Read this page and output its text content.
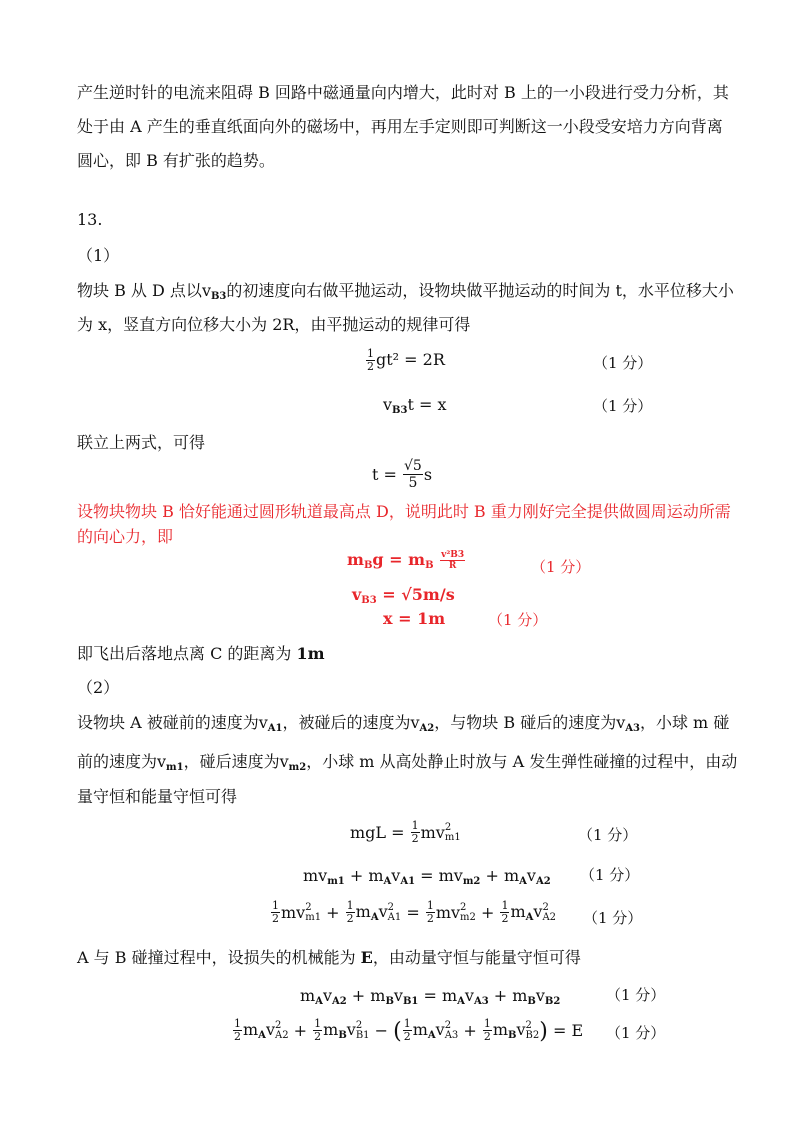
产生逆时针的电流来阻碍 B 回路中磁通量向内增大，此时对 B 上的一小段进行受力分析，其
处于由 A 产生的垂直纸面向外的磁场中，再用左手定则即可判断这一小段受安培力方向背离
圆心，即 B 有扩张的趋势。
13.
（1）
物块 B 从 D 点以$v_{B3}$的初速度向右做平抛运动，设物块做平抛运动的时间为 t，水平位移大小
为 x，竖直方向位移大小为 2R，由平抛运动的规律可得
$\frac{1}{2} gt^2 = 2R$	（1 分）
$v_{B3}t = x$	（1 分）
联立上两式，可得
$t = \frac{√5}{5}$ s
设物块物块 B 恰好能通过圆形轨道最高点 D，说明此时 B 重力刚好完全提供做圆周运动所需
的向心力，即
$m_Bg = m_B \frac{\text{v²B3}}{R}$	（1 分）
$v_{B3} = √5m/s$
x = 1m	（1 分）
即飞出后落地点离 C 的距离为 1m
（2）
设物块 A 被碰前的速度为$v_{A1}$，被碰后的速度为$v_{A2}$，与物块 B 碰后的速度为$v_{A3}$，小球 m 碰
前的速度为$v_{m1}$，碰后速度为$v_{m2}$，小球 m 从高处静止时放与 A 发生弹性碰撞的过程中，由动
量守恒和能量守恒可得
mgL = $\frac{1}{2}$ mv 2
m1	（1 分）
$mv_{m1} + m_Av_{A1} = mv_{m2} + m_Av_{A2}$ （1 分）
$\frac{1}{2}$ mv 2
$m1 + \frac{1}{2} m_Av$ 2
$A1 = \frac{1}{2}$ mv 2
$m2 + \frac{1}{2} m_Av$ 2
A2 （1 分）
A 与 B 碰撞过程中，设损失的机械能为 E，由动量守恒与能量守恒可得
$m_Av_{A2} + m_Bv_{B1} = m_Av_{A3} + m_Bv_{B2}$	（1 分）
$\frac{1}{2} m_Av$ 2
$A2 + \frac{1}{2} m_Bv$ 2
B1 − ( $\frac{1}{2} m_Av$ 2
$A3 + \frac{1}{2} m_Bv$ 2
B2 ) = E （1 分）
